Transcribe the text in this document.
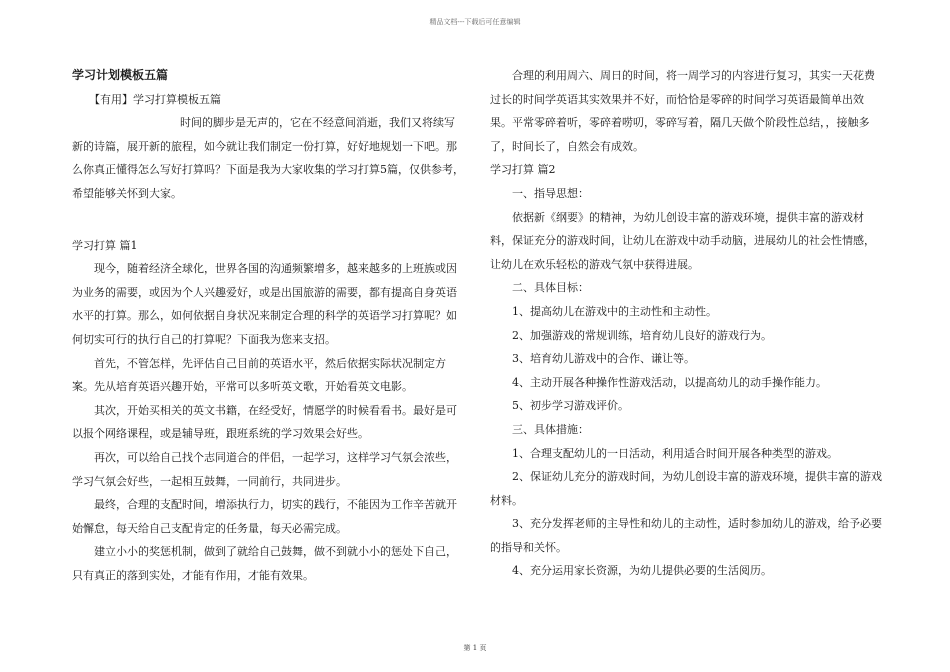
精品文档---下载后可任意编辑

学习计划模板五篇

【有用】学习打算模板五篇

时间的脚步是无声的，它在不经意间消逝，我们又将续写新的诗篇，展开新的旅程，如今就让我们制定一份打算，好好地规划一下吧。那么你真正懂得怎么写好打算吗？下面是我为大家收集的学习打算5篇，仅供参考，希望能够关怀到大家。

学习打算 篇1

现今，随着经济全球化，世界各国的沟通频繁增多，越来越多的上班族或因为业务的需要，或因为个人兴趣爱好，或是出国旅游的需要，都有提高自身英语水平的打算。那么，如何依据自身状况来制定合理的科学的英语学习打算呢？如何切实可行的执行自己的打算呢？下面我为您来支招。

首先，不管怎样，先评估自己目前的英语水平，然后依据实际状况制定方案。先从培育英语兴趣开始，平常可以多听英文歌，开始看英文电影。

其次，开始买相关的英文书籍，在经受好，情愿学的时候看看书。最好是可以报个网络课程，或是辅导班，跟班系统的学习效果会好些。

再次，可以给自己找个志同道合的伴侣，一起学习，这样学习气氛会浓些，学习气氛会好些，一起相互鼓舞，一同前行，共同进步。

最终，合理的支配时间，增添执行力，切实的践行，不能因为工作辛苦就开始懈怠，每天给自己支配肯定的任务量，每天必需完成。

建立小小的奖惩机制，做到了就给自己鼓舞，做不到就小小的惩处下自己，只有真正的落到实处，才能有作用，才能有效果。

合理的利用周六、周日的时间，将一周学习的内容进行复习，其实一天花费过长的时间学英语其实效果并不好，而恰恰是零碎的时间学习英语最简单出效果。平常零碎着听，零碎着唠叨，零碎写着，隔几天做个阶段性总结，，接触多了，时间长了，自然会有成效。

学习打算 篇2

一、指导思想：

依据新《纲要》的精神，为幼儿创设丰富的游戏环境，提供丰富的游戏材料，保证充分的游戏时间，让幼儿在游戏中动手动脑，进展幼儿的社会性情感，让幼儿在欢乐轻松的游戏气氛中获得进展。

二、具体目标：

1、提高幼儿在游戏中的主动性和主动性。

2、加强游戏的常规训练，培育幼儿良好的游戏行为。

3、培育幼儿游戏中的合作、谦让等。

4、主动开展各种操作性游戏活动，以提高幼儿的动手操作能力。

5、初步学习游戏评价。

三、具体措施：

1、合理支配幼儿的一日活动，利用适合时间开展各种类型的游戏。

2、保证幼儿充分的游戏时间，为幼儿创设丰富的游戏环境，提供丰富的游戏材料。

3、充分发挥老师的主导性和幼儿的主动性，适时参加幼儿的游戏，给予必要的指导和关怀。

4、充分运用家长资源，为幼儿提供必要的生活阅历。

第 1 页
